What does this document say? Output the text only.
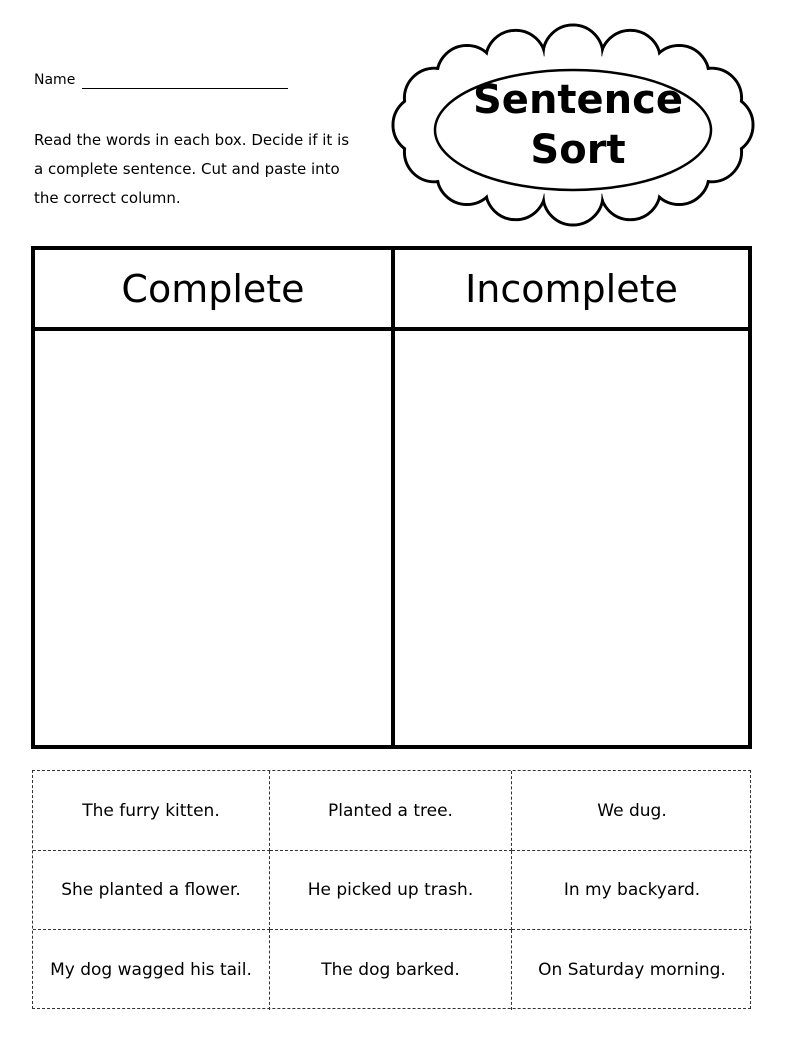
Name
Read the words in each box. Decide if it is a complete sentence. Cut and paste into the correct column.
Sentence
Sort
Complete	Incomplete
The furry kitten.	Planted a tree.	We dug.
She planted a flower.	He picked up trash.	In my backyard.
My dog wagged his tail.	The dog barked.	On Saturday morning.
